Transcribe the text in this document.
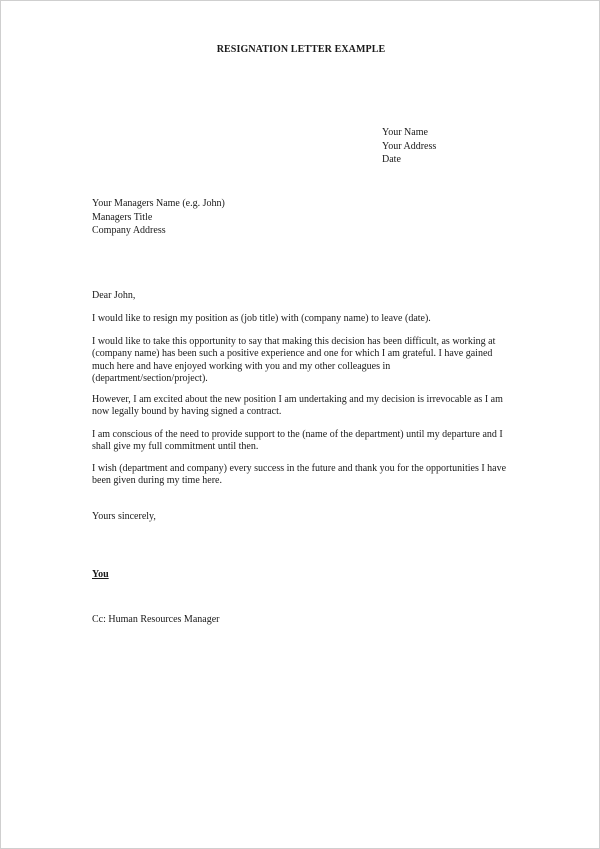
RESIGNATION LETTER EXAMPLE
Your Name
Your Address
Date
Your Managers Name (e.g. John)
Managers Title
Company Address
Dear John,
I would like to resign my position as (job title) with (company name) to leave (date).
I would like to take this opportunity to say that making this decision has been difficult, as working at
(company name) has been such a positive experience and one for which I am grateful. I have gained
much here and have enjoyed working with you and my other colleagues in
(department/section/project).
However, I am excited about the new position I am undertaking and my decision is irrevocable as I am
now legally bound by having signed a contract.
I am conscious of the need to provide support to the (name of the department) until my departure and I
shall give my full commitment until then.
I wish (department and company) every success in the future and thank you for the opportunities I have
been given during my time here.
Yours sincerely,
You
Cc: Human Resources Manager
